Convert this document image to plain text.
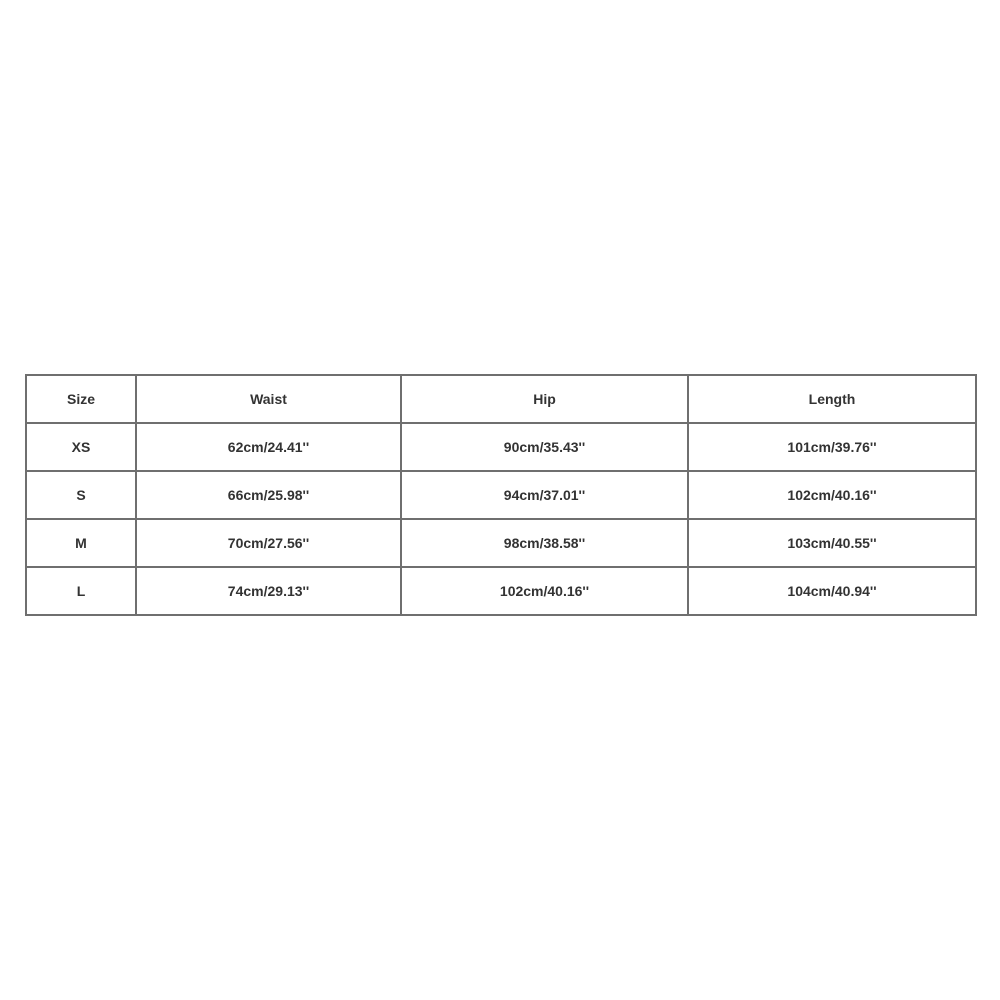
Size	Waist	Hip	Length
XS	62cm/24.41''	90cm/35.43''	101cm/39.76''
S	66cm/25.98''	94cm/37.01''	102cm/40.16''
M	70cm/27.56''	98cm/38.58''	103cm/40.55''
L	74cm/29.13''	102cm/40.16''	104cm/40.94''
